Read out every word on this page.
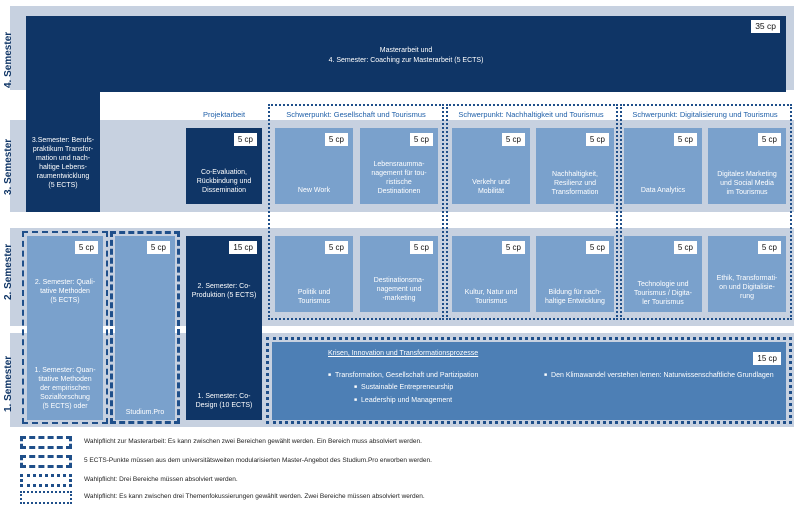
4. Semester
3. Semester
2. Semester
1. Semester
35 cp
Masterarbeit und
4. Semester: Coaching zur Masterarbeit (5 ECTS)
3.Semester: Berufs-
praktikum Transfor-
mation und nach-
haltige Lebens-
raumentwicklung
(5 ECTS)
Projektarbeit	Schwerpunkt: Gesellschaft und Tourismus	Schwerpunkt: Nachhaltigkeit und Tourismus	Schwerpunkt: Digitalisierung und Tourismus
5 cp
Co-Evaluation,
Rückbindung und
Dissemination
5 cp
New Work
5 cp
Lebensraumma-
nagement für tou-
ristische
Destinationen
5 cp
Verkehr und
Mobilität
5 cp
Nachhaltigkeit,
Resilienz und
Transformation
5 cp
Data Analytics
5 cp
Digitales Marketing
und Social Media
im Tourismus
5 cp
2. Semester: Quali-
tative Methoden
(5 ECTS)
1. Semester: Quan-
titative Methoden
der empirischen
Sozialforschung
(5 ECTS) oder
5 cp
Studium.Pro
15 cp
2. Semester: Co-
Produktion (5 ECTS)
1. Semester: Co-
Design (10 ECTS)
5 cp
Politik und
Tourismus
5 cp
Destinationsma-
nagement und
-marketing
5 cp
Kultur, Natur und
Tourismus
5 cp
Bildung für nach-
haltige Entwicklung
5 cp
Technologie und
Tourismus / Digita-
ler Tourismus
5 cp
Ethik, Transformati-
on und Digitalisie-
rung
Krisen, Innovation und Transformationsprozesse
15 cp
■ Transformation, Gesellschaft und Partizipation
■ Sustainable Entrepreneurship
■ Leadership und Management
■ Den Klimawandel verstehen lernen: Naturwissenschaftliche Grundlagen
Wahlpflicht zur Masterarbeit: Es kann zwischen zwei Bereichen gewählt werden. Ein Bereich muss absolviert werden.
5 ECTS-Punkte müssen aus dem universitätsweiten modularisierten Master-Angebot des Studium.Pro erworben werden.
Wahlpflicht: Drei Bereiche müssen absolviert werden.
Wahlpflicht: Es kann zwischen drei Themenfokussierungen gewählt werden. Zwei Bereiche müssen absolviert werden.
